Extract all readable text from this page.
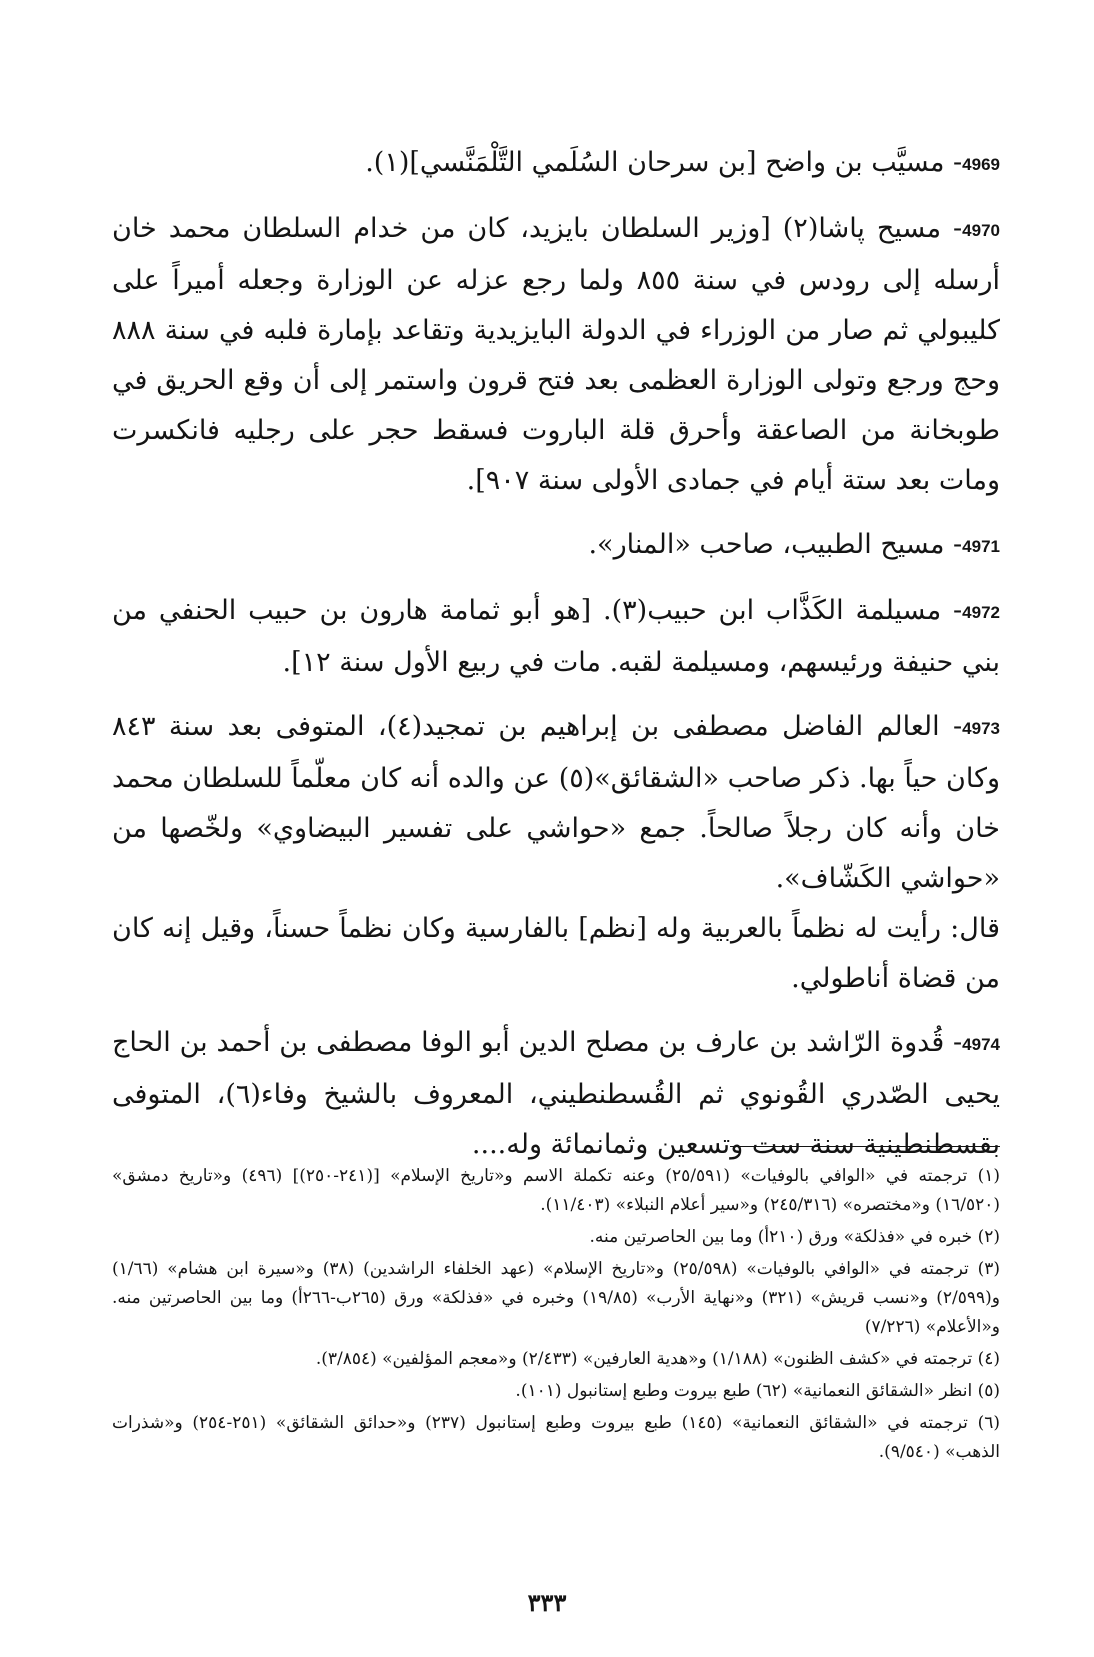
4969- مسيَّب بن واضح [بن سرحان السُلَمي التَّلْمَنَّسي](١).

4970- مسيح پاشا(٢) [وزير السلطان بايزيد، كان من خدام السلطان محمد خان أرسله إلى رودس في سنة ٨٥٥ ولما رجع عزله عن الوزارة وجعله أميراً على كليبولي ثم صار من الوزراء في الدولة البايزيدية وتقاعد بإمارة فلبه في سنة ٨٨٨ وحج ورجع وتولى الوزارة العظمى بعد فتح قرون واستمر إلى أن وقع الحريق في طوبخانة من الصاعقة وأحرق قلة الباروت فسقط حجر على رجليه فانكسرت ومات بعد ستة أيام في جمادى الأولى سنة ٩٠٧].

4971- مسيح الطبيب، صاحب «المنار».

4972- مسيلمة الكَذَّاب ابن حبيب(٣). [هو أبو ثمامة هارون بن حبيب الحنفي من بني حنيفة ورئيسهم، ومسيلمة لقبه. مات في ربيع الأول سنة ١٢].

4973- العالم الفاضل مصطفى بن إبراهيم بن تمجيد(٤)، المتوفى بعد سنة ٨٤٣ وكان حياً بها. ذكر صاحب «الشقائق»(٥) عن والده أنه كان معلّماً للسلطان محمد خان وأنه كان رجلاً صالحاً. جمع «حواشي على تفسير البيضاوي» ولخّصها من «حواشي الكَشّاف».

قال: رأيت له نظماً بالعربية وله [نظم] بالفارسية وكان نظماً حسناً، وقيل إنه كان من قضاة أناطولي.

4974- قُدوة الرّاشد بن عارف بن مصلح الدين أبو الوفا مصطفى بن أحمد بن الحاج يحيى الصّدري القُونوي ثم القُسطنطيني، المعروف بالشيخ وفاء(٦)، المتوفى بقسطنطينية سنة ست وتسعين وثمانمائة وله....

(١) ترجمته في «الوافي بالوفيات» (٢٥/٥٩١) وعنه تكملة الاسم و«تاريخ الإسلام» [(٢٤١-٢٥٠)] (٤٩٦) و«تاريخ دمشق» (١٦/٥٢٠) و«مختصره» (٢٤٥/٣١٦) و«سير أعلام النبلاء» (١١/٤٠٣).

(٢) خبره في «فذلكة» ورق (٢١٠أ) وما بين الحاصرتين منه.

(٣) ترجمته في «الوافي بالوفيات» (٢٥/٥٩٨) و«تاريخ الإسلام» (عهد الخلفاء الراشدين) (٣٨) و«سيرة ابن هشام» (١/٦٦) و(٢/٥٩٩) و«نسب قريش» (٣٢١) و«نهاية الأرب» (١٩/٨٥) وخبره في «فذلكة» ورق (٢٦٥ب-٢٦٦أ) وما بين الحاصرتين منه. و«الأعلام» (٧/٢٢٦)

(٤) ترجمته في «كشف الظنون» (١/١٨٨) و«هدية العارفين» (٢/٤٣٣) و«معجم المؤلفين» (٣/٨٥٤).

(٥) انظر «الشقائق النعمانية» (٦٢) طبع بيروت وطبع إستانبول (١٠١).

(٦) ترجمته في «الشقائق النعمانية» (١٤٥) طبع بيروت وطبع إستانبول (٢٣٧) و«حدائق الشقائق» (٢٥١-٢٥٤) و«شذرات الذهب» (٩/٥٤٠).

٣٣٣
